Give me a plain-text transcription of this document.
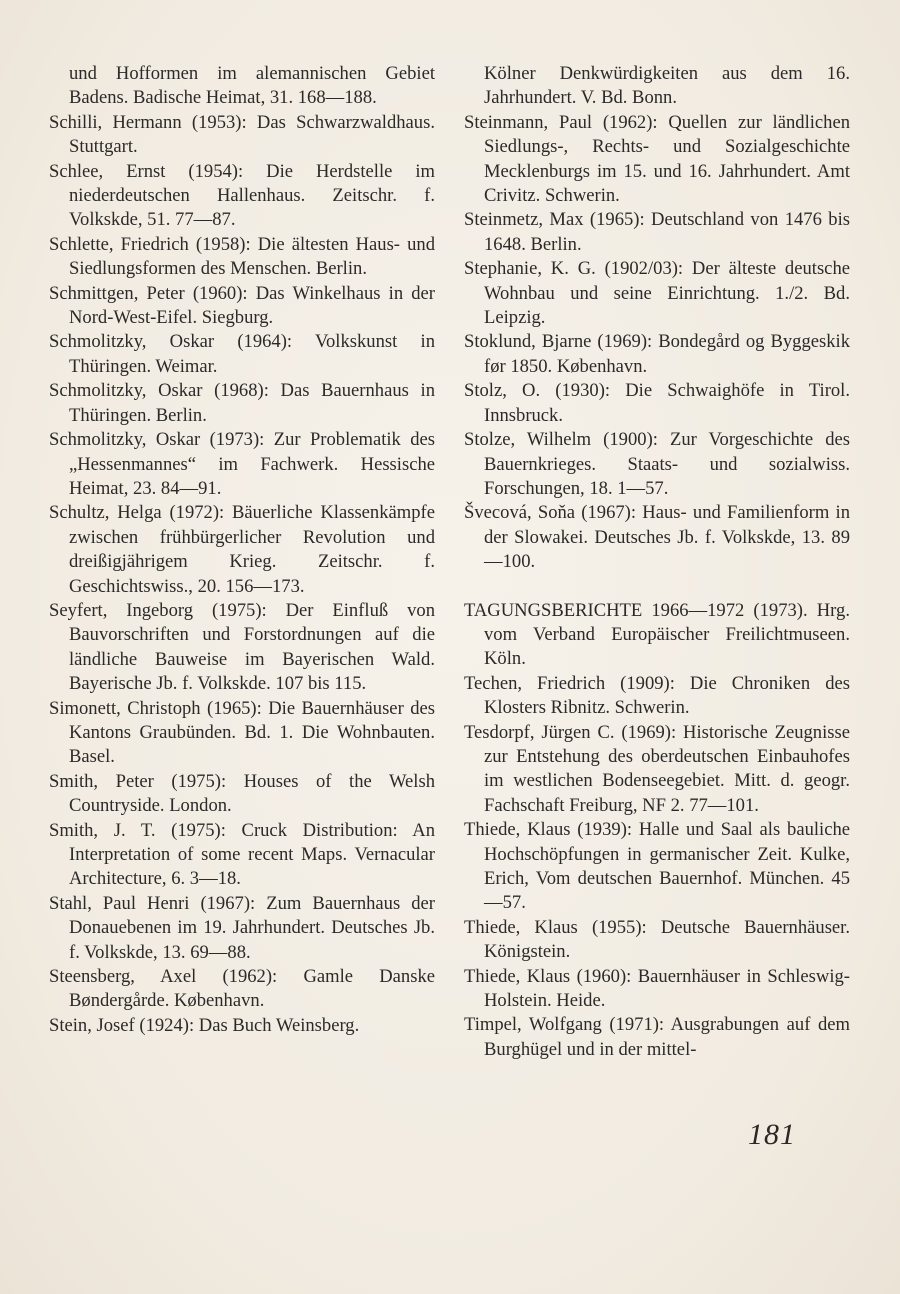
und Hofformen im alemannischen Gebiet Badens. Badische Heimat, 31. 168—188.

Schilli, Hermann (1953): Das Schwarzwaldhaus. Stuttgart.

Schlee, Ernst (1954): Die Herdstelle im niederdeutschen Hallenhaus. Zeitschr. f. Volkskde, 51. 77—87.

Schlette, Friedrich (1958): Die ältesten Haus- und Siedlungsformen des Menschen. Berlin.

Schmittgen, Peter (1960): Das Winkelhaus in der Nord-West-Eifel. Siegburg.

Schmolitzky, Oskar (1964): Volkskunst in Thüringen. Weimar.

Schmolitzky, Oskar (1968): Das Bauernhaus in Thüringen. Berlin.

Schmolitzky, Oskar (1973): Zur Problematik des „Hessenmannes“ im Fachwerk. Hessische Heimat, 23. 84—91.

Schultz, Helga (1972): Bäuerliche Klassenkämpfe zwischen frühbürgerlicher Revolution und dreißigjährigem Krieg. Zeitschr. f. Geschichtswiss., 20. 156—173.

Seyfert, Ingeborg (1975): Der Einfluß von Bauvorschriften und Forstordnungen auf die ländliche Bauweise im Bayerischen Wald. Bayerische Jb. f. Volkskde. 107 bis 115.

Simonett, Christoph (1965): Die Bauernhäuser des Kantons Graubünden. Bd. 1. Die Wohnbauten. Basel.

Smith, Peter (1975): Houses of the Welsh Countryside. London.

Smith, J. T. (1975): Cruck Distribution: An Interpretation of some recent Maps. Vernacular Architecture, 6. 3—18.

Stahl, Paul Henri (1967): Zum Bauernhaus der Donauebenen im 19. Jahrhundert. Deutsches Jb. f. Volkskde, 13. 69—88.

Steensberg, Axel (1962): Gamle Danske Bøndergårde. København.

Stein, Josef (1924): Das Buch Weinsberg.

Kölner Denkwürdigkeiten aus dem 16. Jahrhundert. V. Bd. Bonn.

Steinmann, Paul (1962): Quellen zur ländlichen Siedlungs-, Rechts- und Sozialgeschichte Mecklenburgs im 15. und 16. Jahrhundert. Amt Crivitz. Schwerin.

Steinmetz, Max (1965): Deutschland von 1476 bis 1648. Berlin.

Stephanie, K. G. (1902/03): Der älteste deutsche Wohnbau und seine Einrichtung. 1./2. Bd. Leipzig.

Stoklund, Bjarne (1969): Bondegård og Byggeskik før 1850. København.

Stolz, O. (1930): Die Schwaighöfe in Tirol. Innsbruck.

Stolze, Wilhelm (1900): Zur Vorgeschichte des Bauernkrieges. Staats- und sozialwiss. Forschungen, 18. 1—57.

Švecová, Soňa (1967): Haus- und Familienform in der Slowakei. Deutsches Jb. f. Volkskde, 13. 89—100.

TAGUNGSBERICHTE 1966—1972 (1973). Hrg. vom Verband Europäischer Freilichtmuseen. Köln.

Techen, Friedrich (1909): Die Chroniken des Klosters Ribnitz. Schwerin.

Tesdorpf, Jürgen C. (1969): Historische Zeugnisse zur Entstehung des oberdeutschen Einbauhofes im westlichen Bodenseegebiet. Mitt. d. geogr. Fachschaft Freiburg, NF 2. 77—101.

Thiede, Klaus (1939): Halle und Saal als bauliche Hochschöpfungen in germanischer Zeit. Kulke, Erich, Vom deutschen Bauernhof. München. 45—57.

Thiede, Klaus (1955): Deutsche Bauernhäuser. Königstein.

Thiede, Klaus (1960): Bauernhäuser in Schleswig-Holstein. Heide.

Timpel, Wolfgang (1971): Ausgrabungen auf dem Burghügel und in der mittel-

181
